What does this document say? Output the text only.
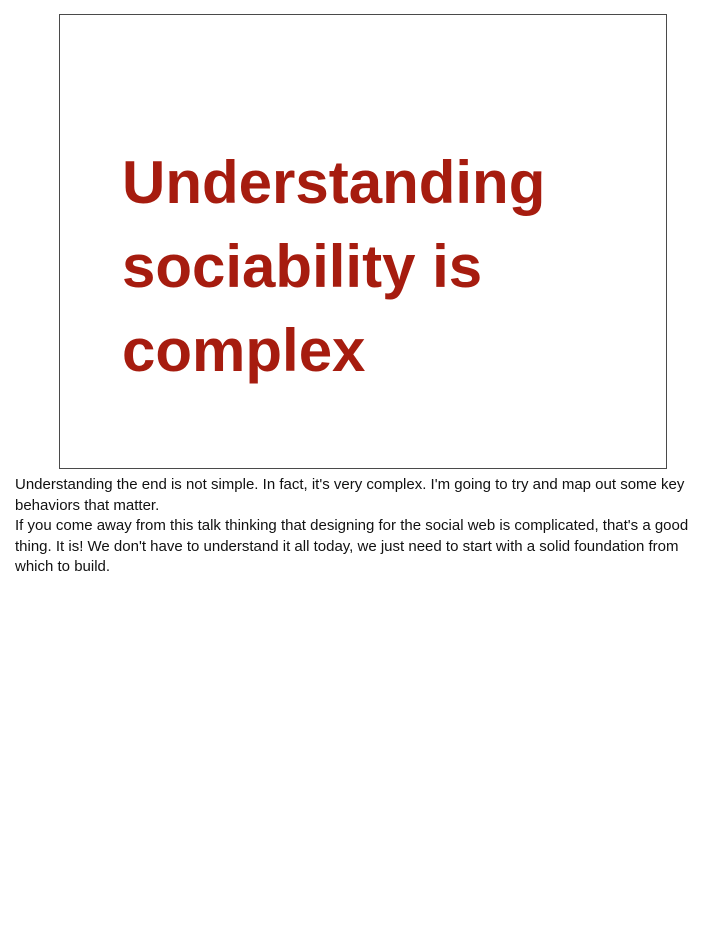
Understanding
sociability is
complex

Understanding the end is not simple. In fact, it's very complex. I'm going to try and map out some key behaviors that matter.

If you come away from this talk thinking that designing for the social web is complicated, that's a good thing. It is! We don't have to understand it all today, we just need to start with a solid foundation from which to build.
